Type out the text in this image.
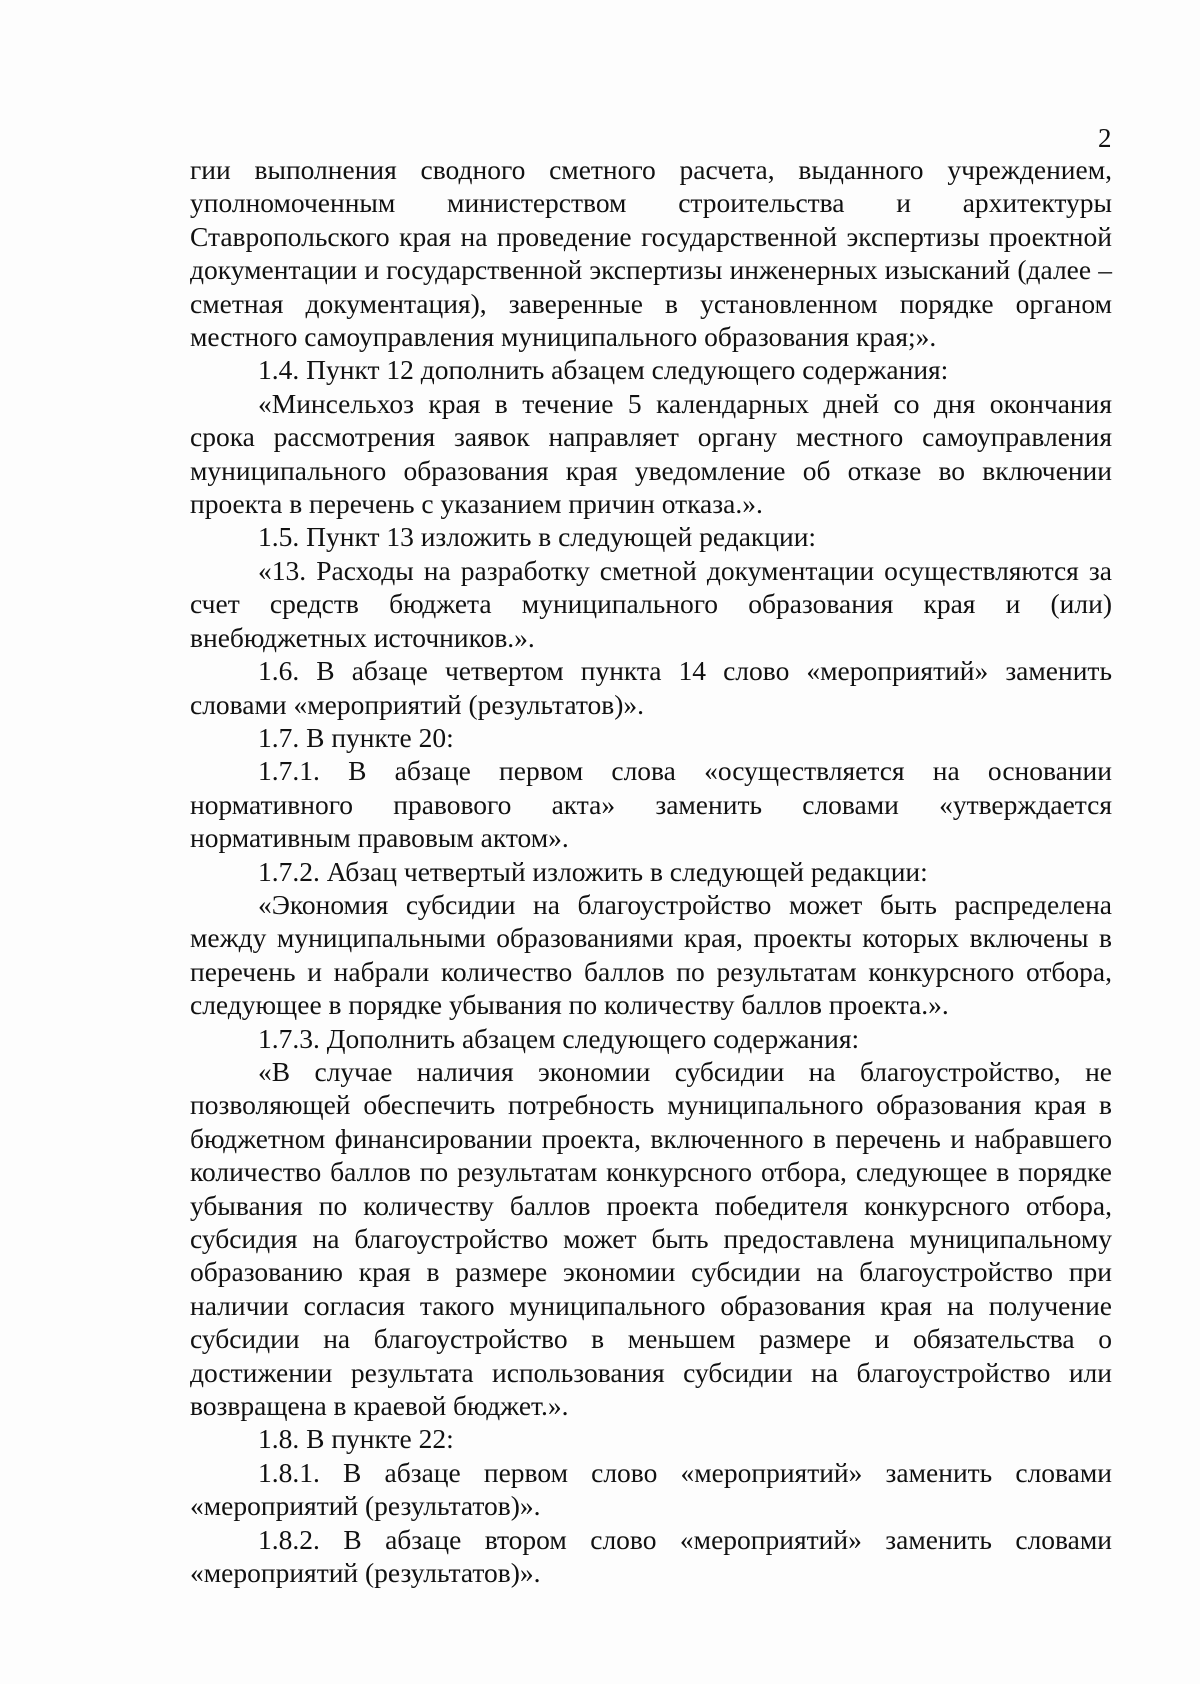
2

гии выполнения сводного сметного расчета, выданного учреждением, уполномоченным министерством строительства и архитектуры Ставропольского края на проведение государственной экспертизы проектной документации и государственной экспертизы инженерных изысканий (далее – сметная документация), заверенные в установленном порядке органом местного самоуправления муниципального образования края;».

1.4. Пункт 12 дополнить абзацем следующего содержания:

«Минсельхоз края в течение 5 календарных дней со дня окончания срока рассмотрения заявок направляет органу местного самоуправления муниципального образования края уведомление об отказе во включении проекта в перечень с указанием причин отказа.».

1.5. Пункт 13 изложить в следующей редакции:

«13. Расходы на разработку сметной документации осуществляются за счет средств бюджета муниципального образования края и (или) внебюджетных источников.».

1.6. В абзаце четвертом пункта 14 слово «мероприятий» заменить словами «мероприятий (результатов)».

1.7. В пункте 20:

1.7.1. В абзаце первом слова «осуществляется на основании нормативного правового акта» заменить словами «утверждается нормативным правовым актом».

1.7.2. Абзац четвертый изложить в следующей редакции:

«Экономия субсидии на благоустройство может быть распределена между муниципальными образованиями края, проекты которых включены в перечень и набрали количество баллов по результатам конкурсного отбора, следующее в порядке убывания по количеству баллов проекта.».

1.7.3. Дополнить абзацем следующего содержания:

«В случае наличия экономии субсидии на благоустройство, не позволяющей обеспечить потребность муниципального образования края в бюджетном финансировании проекта, включенного в перечень и набравшего количество баллов по результатам конкурсного отбора, следующее в порядке убывания по количеству баллов проекта победителя конкурсного отбора, субсидия на благоустройство может быть предоставлена муниципальному образованию края в размере экономии субсидии на благоустройство при наличии согласия такого муниципального образования края на получение субсидии на благоустройство в меньшем размере и обязательства о достижении результата использования субсидии на благоустройство или возвращена в краевой бюджет.».

1.8. В пункте 22:

1.8.1. В абзаце первом слово «мероприятий» заменить словами «мероприятий (результатов)».

1.8.2. В абзаце втором слово «мероприятий» заменить словами «мероприятий (результатов)».
